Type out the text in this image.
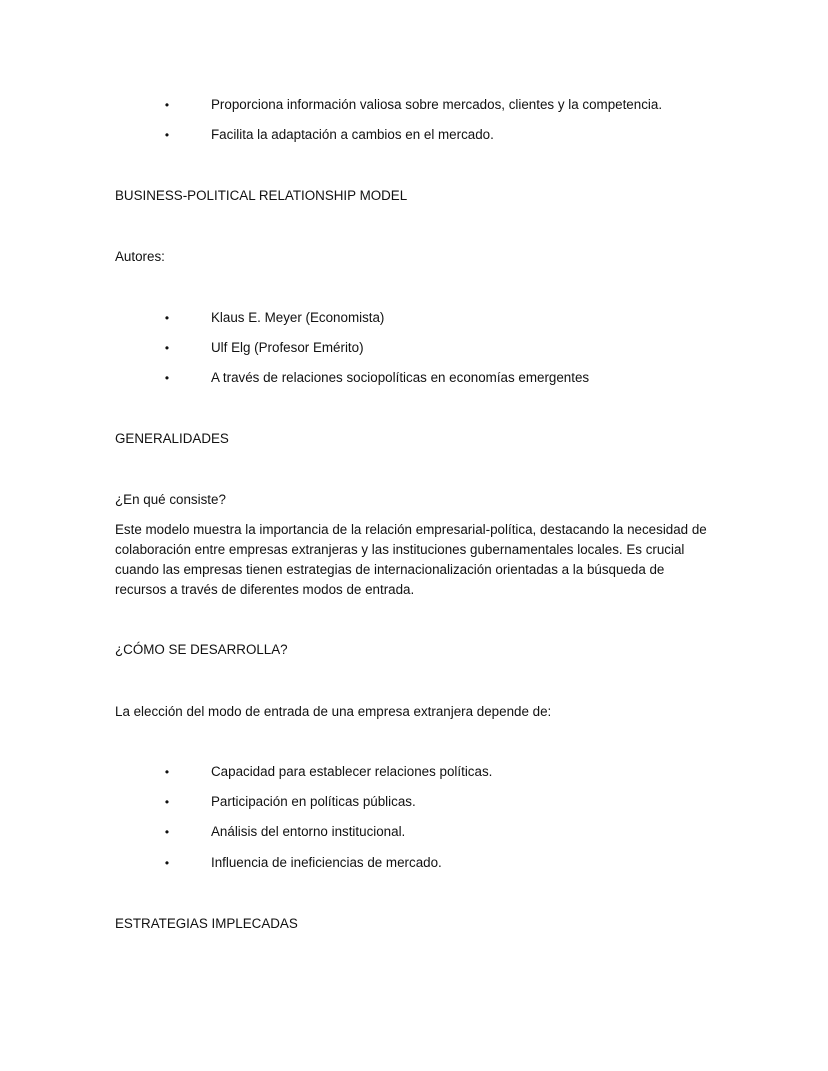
•	Proporciona información valiosa sobre mercados, clientes y la competencia.
•	Facilita la adaptación a cambios en el mercado.

BUSINESS-POLITICAL RELATIONSHIP MODEL

Autores:

•	Klaus E. Meyer (Economista)
•	Ulf Elg (Profesor Emérito)
•	A través de relaciones sociopolíticas en economías emergentes

GENERALIDADES

¿En qué consiste?

Este modelo muestra la importancia de la relación empresarial-política, destacando la necesidad de colaboración entre empresas extranjeras y las instituciones gubernamentales locales. Es crucial cuando las empresas tienen estrategias de internacionalización orientadas a la búsqueda de recursos a través de diferentes modos de entrada.

¿CÓMO SE DESARROLLA?

La elección del modo de entrada de una empresa extranjera depende de:

•	Capacidad para establecer relaciones políticas.
•	Participación en políticas públicas.
•	Análisis del entorno institucional.
•	Influencia de ineficiencias de mercado.

ESTRATEGIAS IMPLECADAS
